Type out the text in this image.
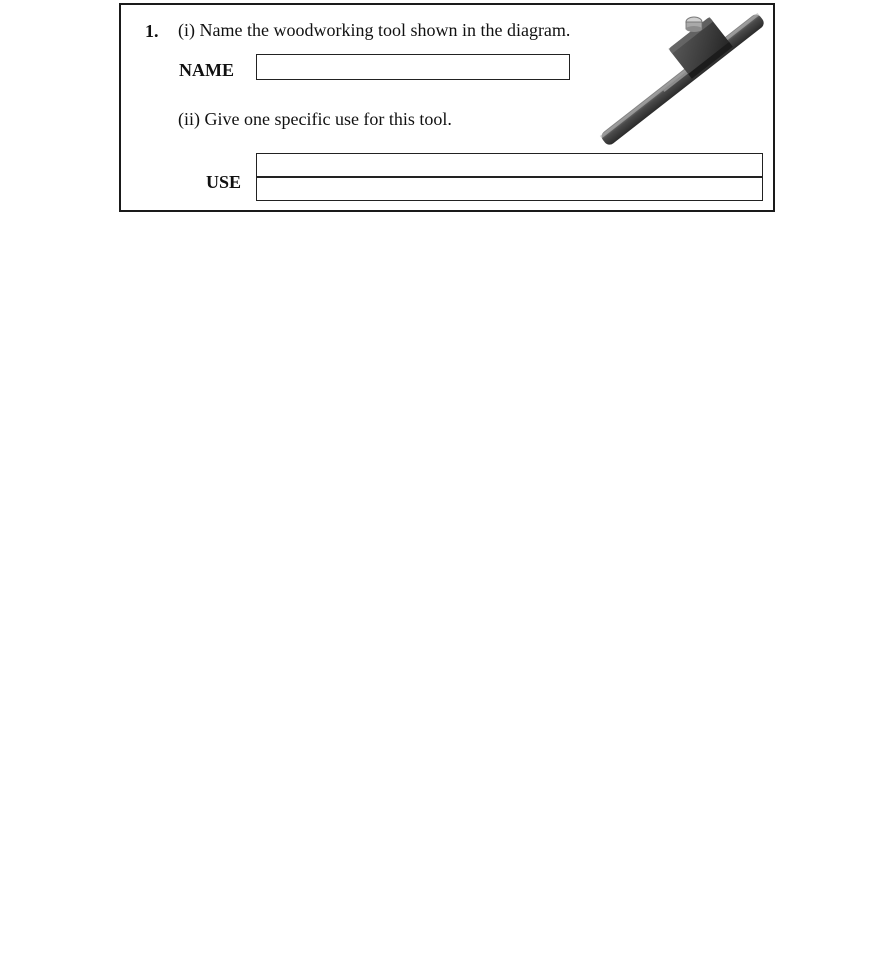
1. (i) Name the woodworking tool shown in the diagram.
NAME
(ii) Give one specific use for this tool.
USE
